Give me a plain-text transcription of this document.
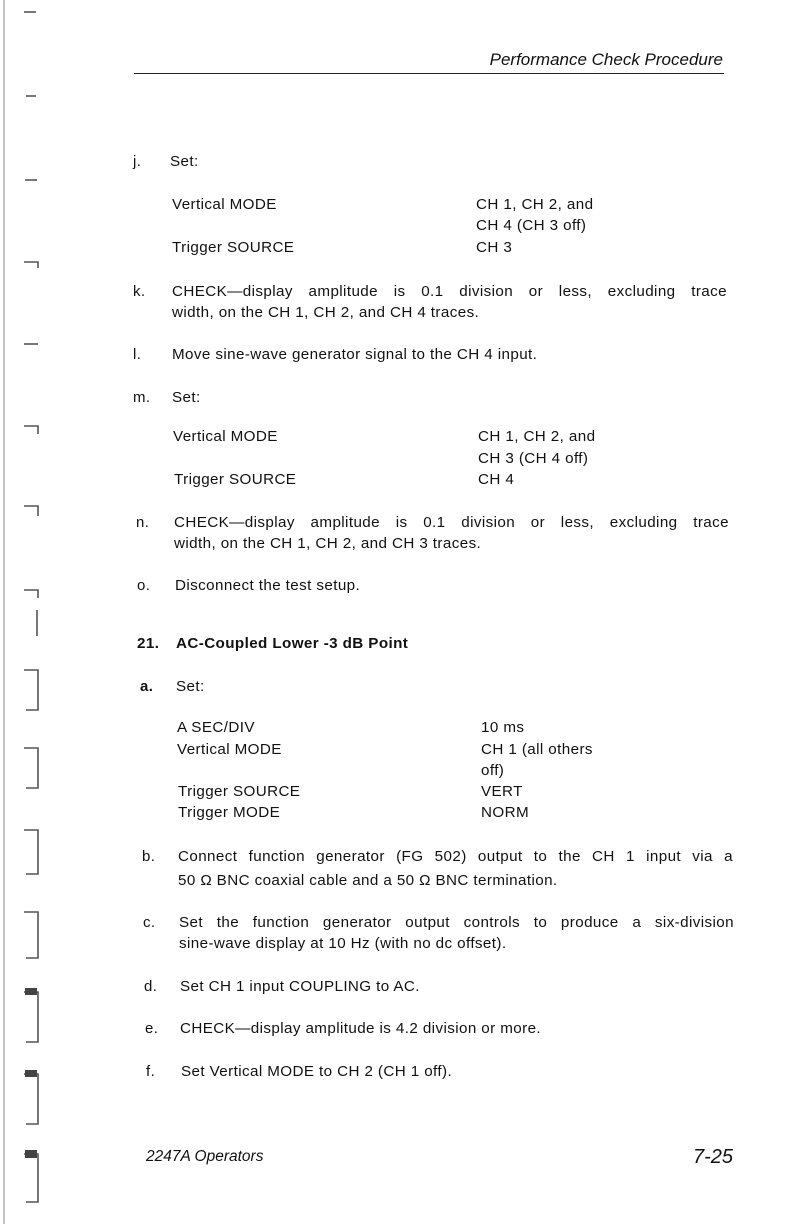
Performance Check Procedure
j. Set:
Vertical MODE	CH 1, CH 2, and
CH 4 (CH 3 off)
Trigger SOURCE	CH 3
k. CHECK—display amplitude is 0.1 division or less, excluding trace
width, on the CH 1, CH 2, and CH 4 traces.
l. Move sine-wave generator signal to the CH 4 input.
m. Set:
Vertical MODE	CH 1, CH 2, and
CH 3 (CH 4 off)
Trigger SOURCE	CH 4
n. CHECK—display amplitude is 0.1 division or less, excluding trace
width, on the CH 1, CH 2, and CH 3 traces.
o. Disconnect the test setup.
21. AC-Coupled Lower -3 dB Point
a. Set:
A SEC/DIV	10 ms
Vertical MODE	CH 1 (all others
off)
Trigger SOURCE	VERT
Trigger MODE	NORM
b. Connect function generator (FG 502) output to the CH 1 input via a
50 Ω BNC coaxial cable and a 50 Ω BNC termination.
c. Set the function generator output controls to produce a six-division
sine-wave display at 10 Hz (with no dc offset).
d. Set CH 1 input COUPLING to AC.
e. CHECK—display amplitude is 4.2 division or more.
f. Set Vertical MODE to CH 2 (CH 1 off).
2247A Operators	7-25
